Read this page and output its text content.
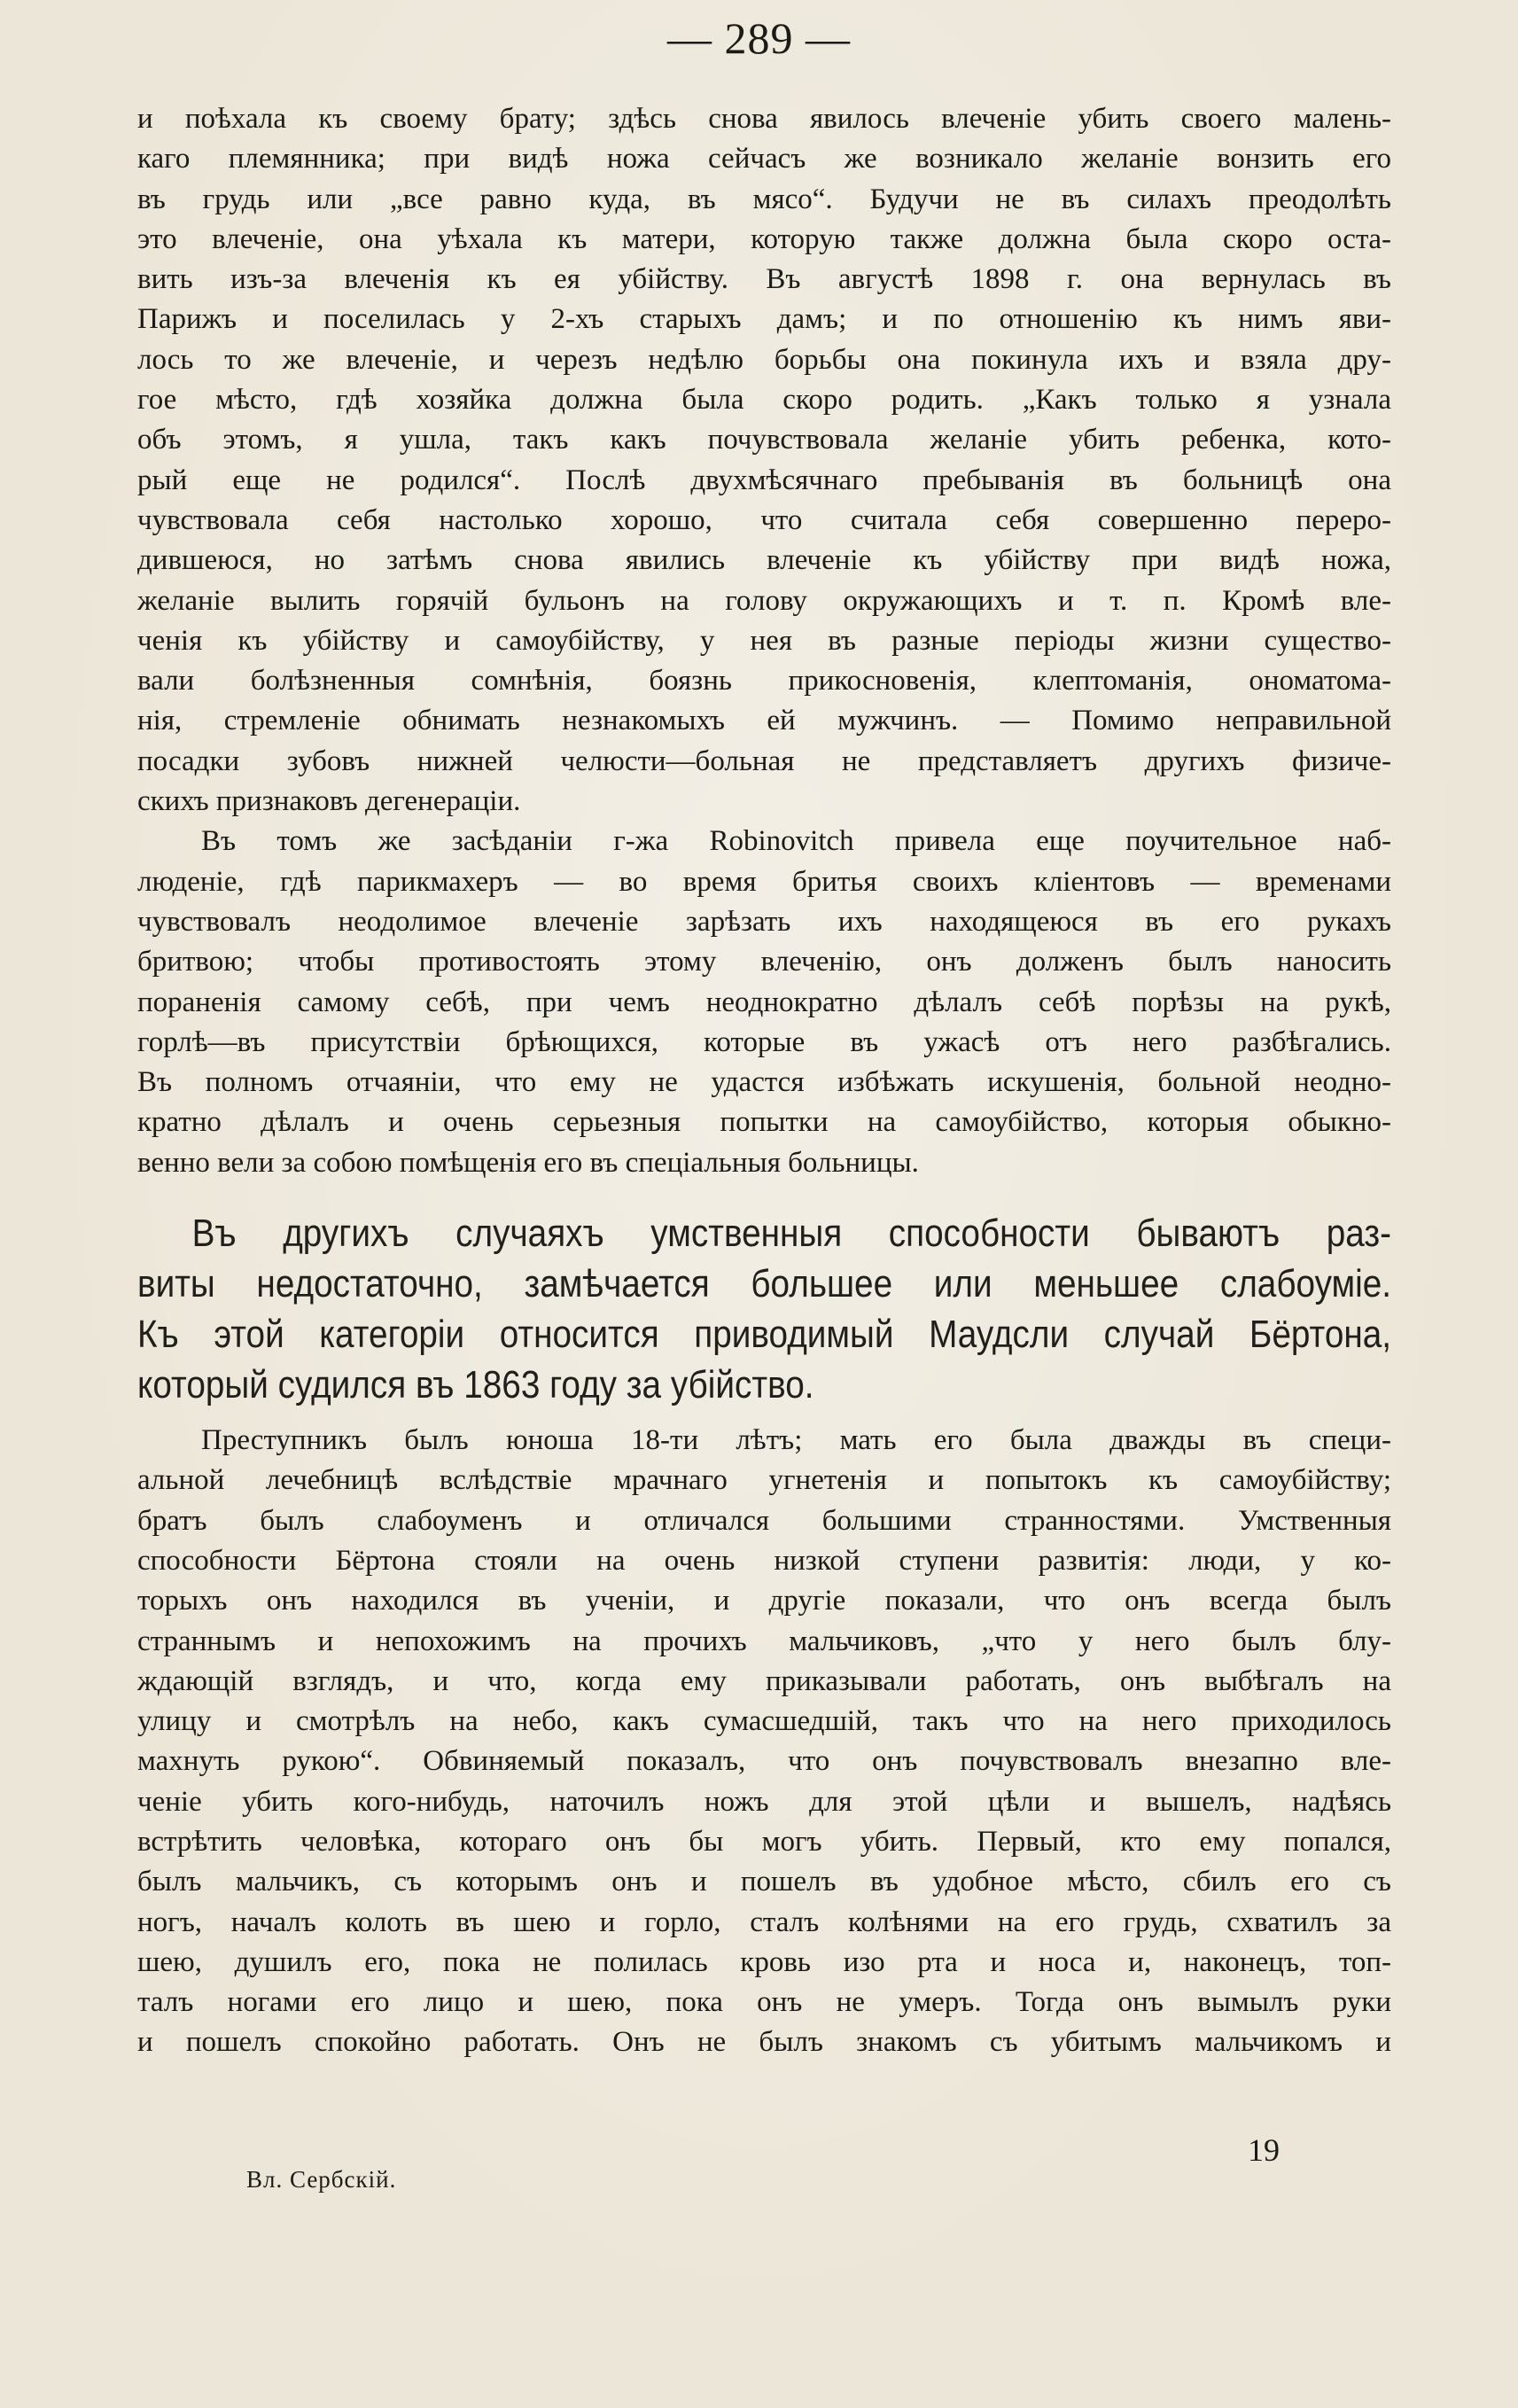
— 289 —
и поѣхала къ своему брату; здѣсь снова явилось влеченіе убить своего малень-
каго племянника; при видѣ ножа сейчасъ же возникало желаніе вонзить его
въ грудь или „все равно куда, въ мясо“. Будучи не въ силахъ преодолѣть
это влеченіе, она уѣхала къ матери, которую также должна была скоро остa-
вить изъ-за влеченія къ ея убійству. Въ августѣ 1898 г. она вернулась въ
Парижъ и поселилась у 2-хъ старыхъ дамъ; и по отношенію къ нимъ яви-
лось то же влеченіе, и черезъ недѣлю борьбы она покинула ихъ и взяла дру-
гое мѣсто, гдѣ хозяйка должна была скоро родить. „Какъ только я узнала
объ этомъ, я ушла, такъ какъ почувствовала желаніе убить ребенка, кото-
рый еще не родился“. Послѣ двухмѣсячнаго пребыванія въ больницѣ она
чувствовала себя настолько хорошо, что считала себя совершенно переро-
дившеюся, но затѣмъ снова явились влеченіе къ убійству при видѣ ножа,
желаніе вылить горячій бульонъ на голову окружающихъ и т. п. Кромѣ вле-
ченія къ убійству и самоубійству, у нея въ разные періоды жизни существо-
вали болѣзненныя сомнѣнія, боязнь прикосновенія, клептоманія, ономатома-
нія, стремленіе обнимать незнакомыхъ ей мужчинъ. — Помимо неправильной
посадки зубовъ нижней челюсти—больная не представляетъ другихъ физиче-
скихъ признаковъ дегенераціи.
Въ томъ же засѣданіи г-жа Robinovitch привела еще поучительное наб-
людeніе, гдѣ парикмахеръ — во время бритья своихъ кліентовъ — временами
чувствовалъ неодолимое влеченіе зарѣзать ихъ находящеюся въ его рукахъ
бритвою; чтобы противостоять этому влеченію, онъ долженъ былъ наносить
пораненія самому себѣ, при чемъ неоднократно дѣлалъ себѣ порѣзы на рукѣ,
горлѣ—въ присутствіи брѣющихся, которые въ ужасѣ отъ него разбѣгались.
Въ полномъ отчаяніи, что ему не удастся избѣжать искушенія, больной неодно-
кратно дѣлалъ и очень серьезныя попытки на самоубійство, которыя обыкно-
венно вели за собою помѣщенія его въ спеціальныя больницы.
Въ другихъ случаяхъ умственныя способности бываютъ раз-
виты недостаточно, замѣчается большее или меньшее слабоуміе.
Къ этой категоріи относится приводимый Маудсли случай Бёртона,
который судился въ 1863 году за убійство.
Преступникъ былъ юноша 18-ти лѣтъ; мать его была дважды въ специ-
альной лечебницѣ вслѣдствіе мрачнаго угнетенія и попытокъ къ самоубійству;
братъ былъ слабоуменъ и отличался большими странностями. Умственныя
способности Бёртона стояли на очень низкой ступени развитія: люди, у ко-
торыхъ онъ находился въ ученіи, и другіе показали, что онъ всегда былъ
страннымъ и непохожимъ на прочихъ мальчиковъ, „что у него былъ блу-
ждающій взглядъ, и что, когда ему приказывали работать, онъ выбѣгалъ на
улицу и смотрѣлъ на небо, какъ сумасшедшій, такъ что на него приходилось
махнуть рукою“. Обвиняемый показалъ, что онъ почувствовалъ внезапно вле-
ченіе убить кого-нибудь, наточилъ ножъ для этой цѣли и вышелъ, надѣясь
встрѣтить человѣка, котораго онъ бы могъ убить. Первый, кто ему попался,
былъ мальчикъ, съ которымъ онъ и пошелъ въ удобное мѣсто, сбилъ его съ
ногъ, началъ колоть въ шею и горло, сталъ колѣнями на его грудь, схватилъ за
шею, душилъ его, пока не полилась кровь изо рта и носа и, наконецъ, топ-
талъ ногами его лицо и шею, пока онъ не умеръ. Тогда онъ вымылъ руки
и пошелъ спокойно работать. Онъ не былъ знакомъ съ убитымъ мальчикомъ и
19
Вл. Сербскій.
